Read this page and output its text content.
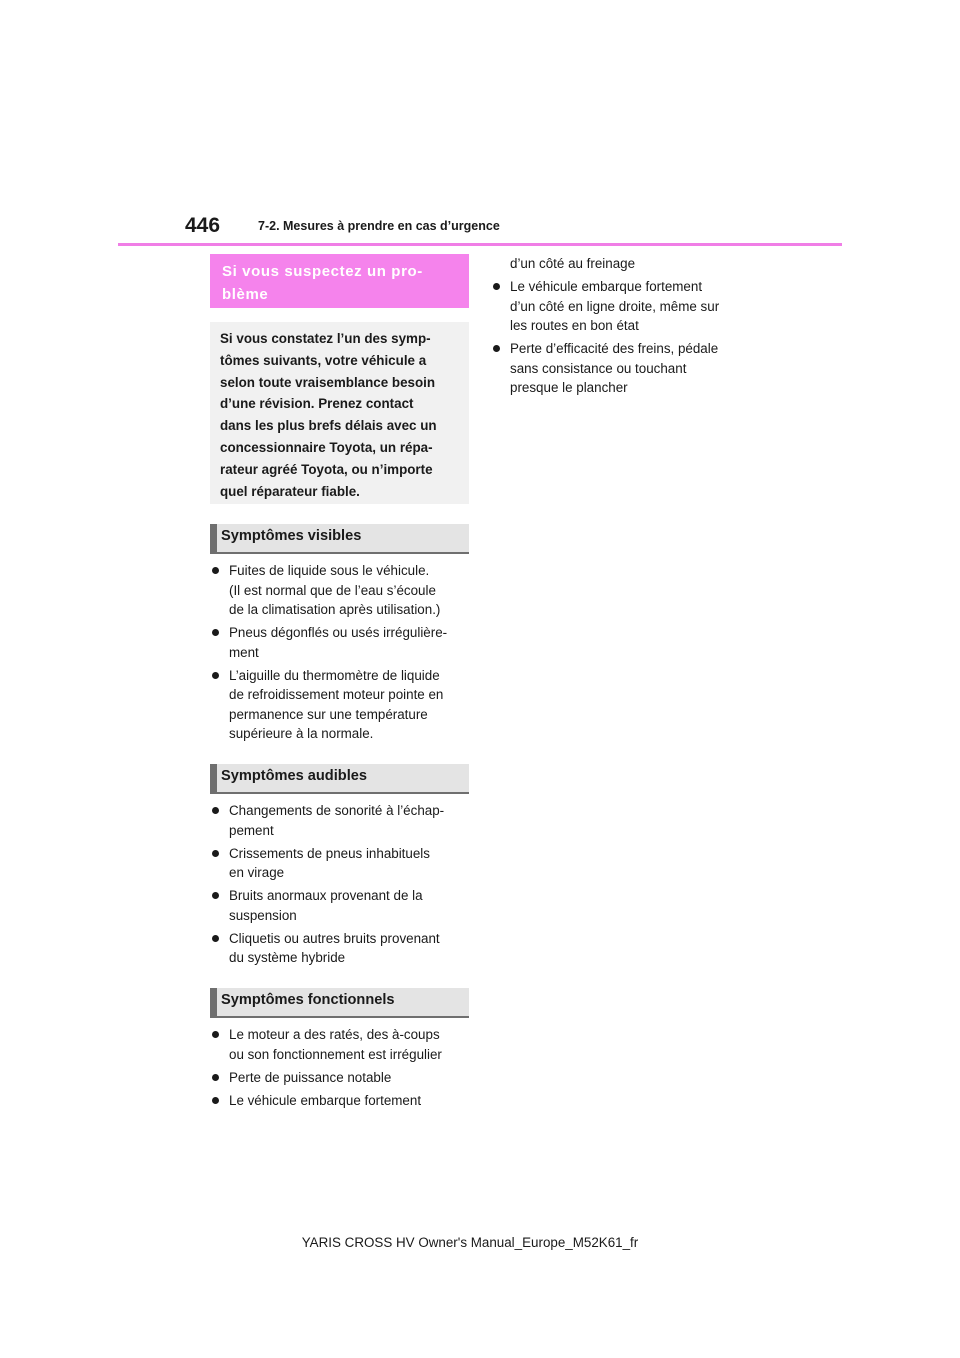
446	7-2. Mesures à prendre en cas d’urgence
Si vous suspectez un pro-
blème
Si vous constatez l’un des symp-
tômes suivants, votre véhicule a
selon toute vraisemblance besoin
d’une révision. Prenez contact
dans les plus brefs délais avec un
concessionnaire Toyota, un répa-
rateur agréé Toyota, ou n’importe
quel réparateur fiable.
Symptômes visibles
Fuites de liquide sous le véhicule.
(Il est normal que de l’eau s’écoule
de la climatisation après utilisation.)
Pneus dégonflés ou usés irrégulière-
ment
L’aiguille du thermomètre de liquide
de refroidissement moteur pointe en
permanence sur une température
supérieure à la normale.
Symptômes audibles
Changements de sonorité à l’échap-
pement
Crissements de pneus inhabituels
en virage
Bruits anormaux provenant de la
suspension
Cliquetis ou autres bruits provenant
du système hybride
Symptômes fonctionnels
Le moteur a des ratés, des à-coups
ou son fonctionnement est irrégulier
Perte de puissance notable
Le véhicule embarque fortement
d’un côté au freinage
Le véhicule embarque fortement
d’un côté en ligne droite, même sur
les routes en bon état
Perte d’efficacité des freins, pédale
sans consistance ou touchant
presque le plancher
YARIS CROSS HV Owner's Manual_Europe_M52K61_fr
